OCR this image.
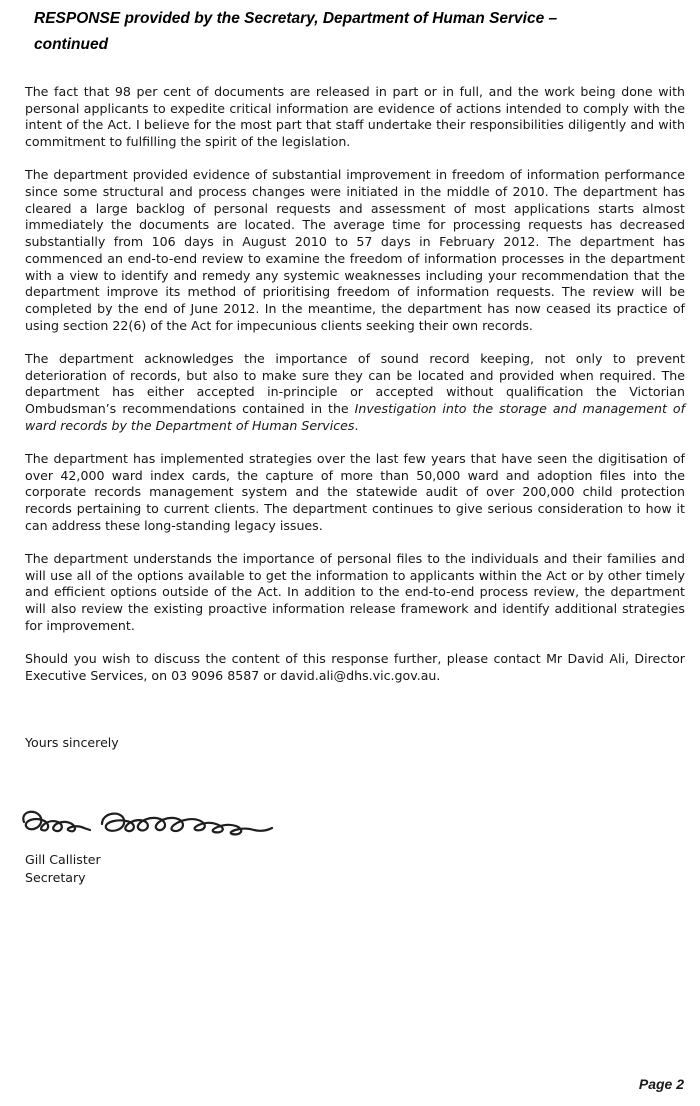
RESPONSE provided by the Secretary, Department of Human Service –
continued

The fact that 98 per cent of documents are released in part or in full, and the work being done with personal applicants to expedite critical information are evidence of actions intended to comply with the intent of the Act. I believe for the most part that staff undertake their responsibilities diligently and with commitment to fulfilling the spirit of the legislation.

The department provided evidence of substantial improvement in freedom of information performance since some structural and process changes were initiated in the middle of 2010. The department has cleared a large backlog of personal requests and assessment of most applications starts almost immediately the documents are located. The average time for processing requests has decreased substantially from 106 days in August 2010 to 57 days in February 2012. The department has commenced an end-to-end review to examine the freedom of information processes in the department with a view to identify and remedy any systemic weaknesses including your recommendation that the department improve its method of prioritising freedom of information requests. The review will be completed by the end of June 2012. In the meantime, the department has now ceased its practice of using section 22(6) of the Act for impecunious clients seeking their own records.

The department acknowledges the importance of sound record keeping, not only to prevent deterioration of records, but also to make sure they can be located and provided when required. The department has either accepted in-principle or accepted without qualification the Victorian Ombudsman’s recommendations contained in the Investigation into the storage and management of ward records by the Department of Human Services.

The department has implemented strategies over the last few years that have seen the digitisation of over 42,000 ward index cards, the capture of more than 50,000 ward and adoption files into the corporate records management system and the statewide audit of over 200,000 child protection records pertaining to current clients. The department continues to give serious consideration to how it can address these long-standing legacy issues.

The department understands the importance of personal files to the individuals and their families and will use all of the options available to get the information to applicants within the Act or by other timely and efficient options outside of the Act. In addition to the end-to-end process review, the department will also review the existing proactive information release framework and identify additional strategies for improvement.

Should you wish to discuss the content of this response further, please contact Mr David Ali, Director Executive Services, on 03 9096 8587 or david.ali@dhs.vic.gov.au.

Yours sincerely
Gill Callister
Secretary
Page 2
